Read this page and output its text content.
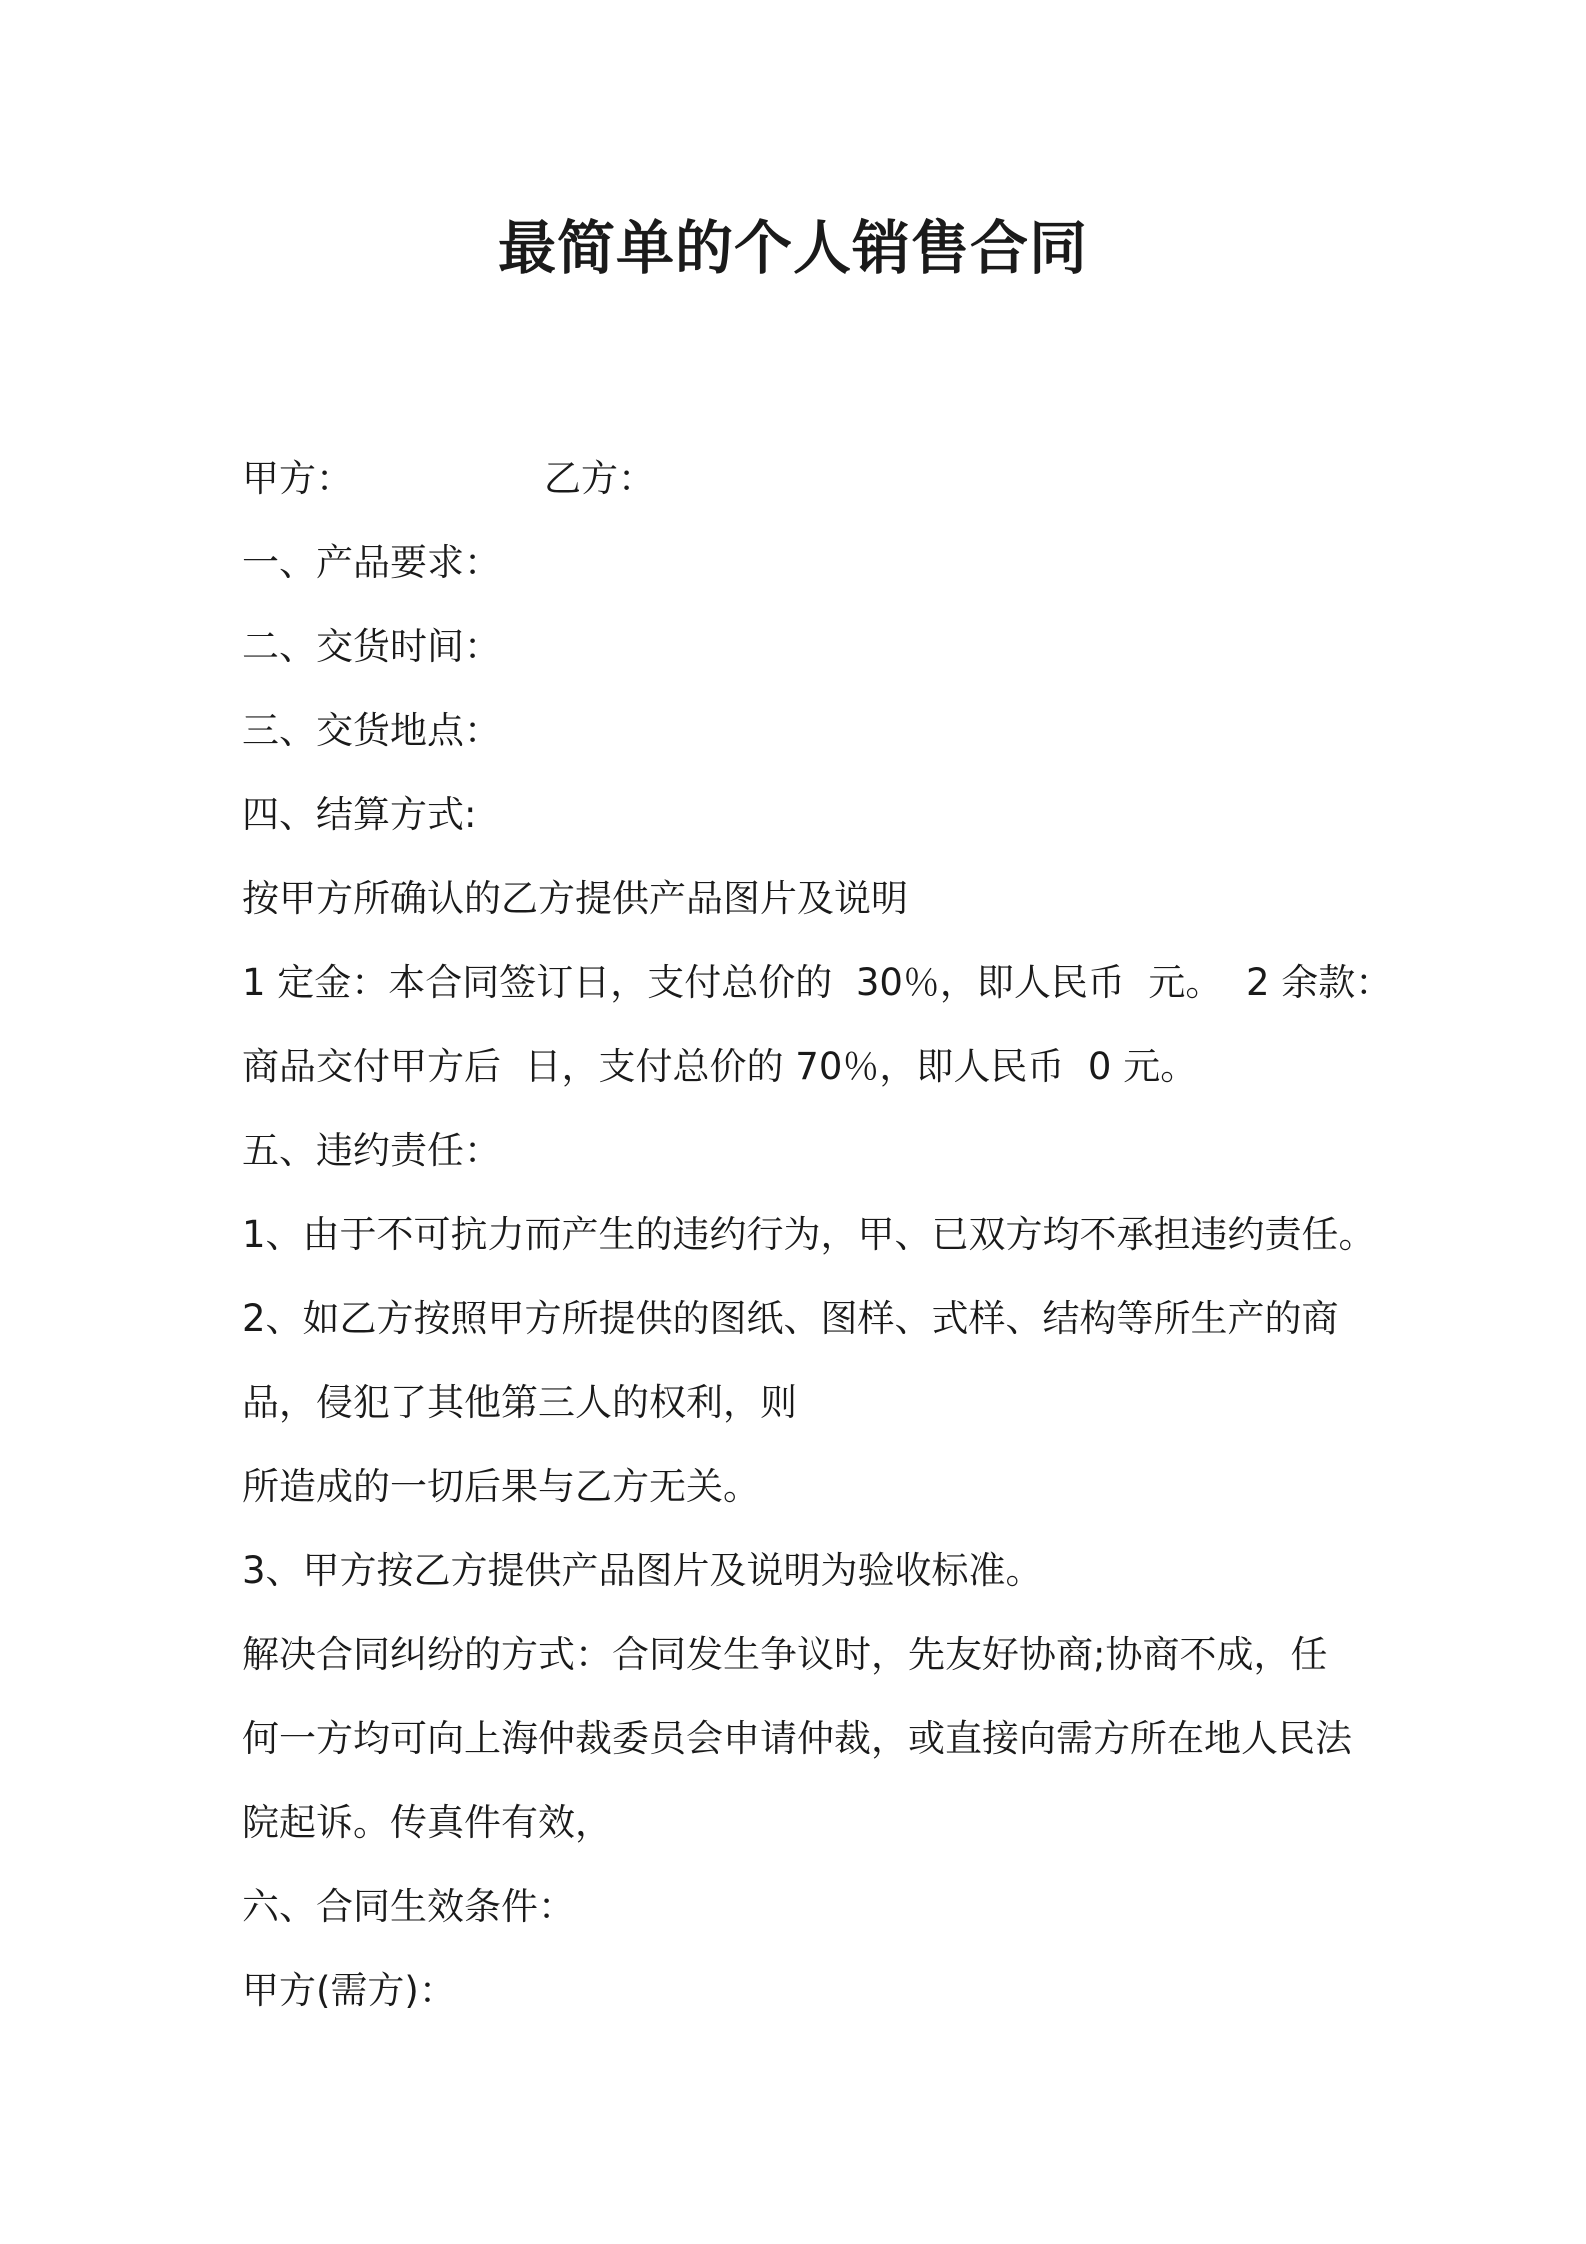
最简单的个人销售合同
甲方：	乙方：
一、产品要求：
二、交货时间：
三、交货地点：
四、结算方式:
按甲方所确认的乙方提供产品图片及说明
1 定金：本合同签订日，支付总价的  30％，即人民币  元。  2 余款：
商品交付甲方后  日，支付总价的 70％，即人民币  0 元。
五、违约责任：
1、由于不可抗力而产生的违约行为，甲、已双方均不承担违约责任。
2、如乙方按照甲方所提供的图纸、图样、式样、结构等所生产的商
品，侵犯了其他第三人的权利，则
所造成的一切后果与乙方无关。
3、甲方按乙方提供产品图片及说明为验收标准。
解决合同纠纷的方式：合同发生争议时，先友好协商;协商不成，任
何一方均可向上海仲裁委员会申请仲裁，或直接向需方所在地人民法
院起诉。传真件有效，
六、合同生效条件：
甲方(需方)：
